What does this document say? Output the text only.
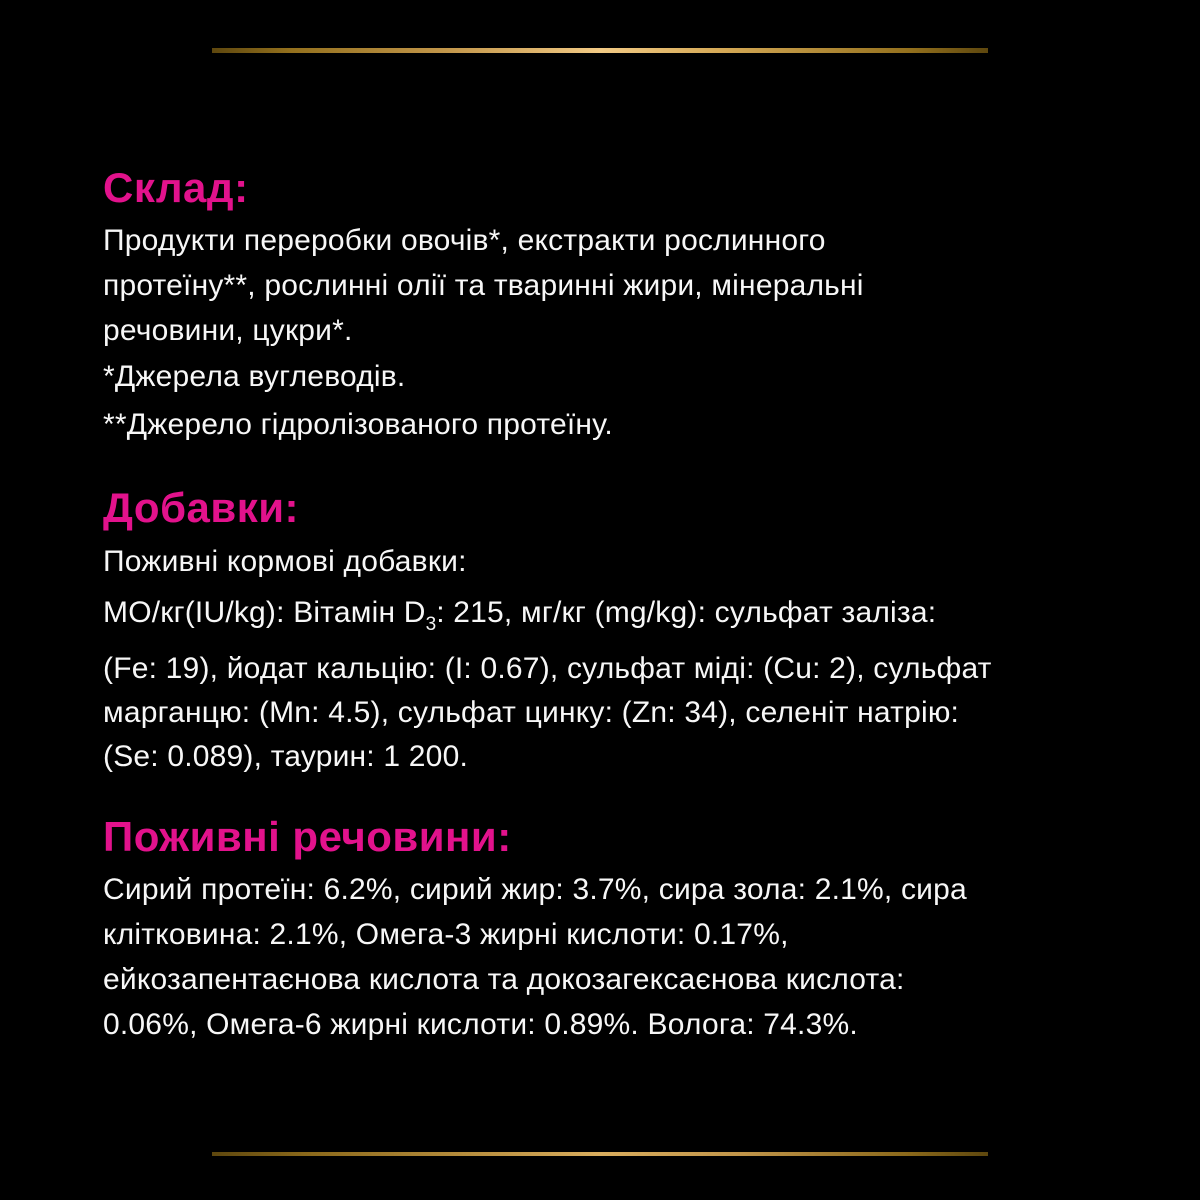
Склад:
Продукти переробки овочів*, екстракти рослинного
протеїну**, рослинні олії та тваринні жири, мінеральні
речовини, цукри*.
*Джерела вуглеводів.
**Джерело гідролізованого протеїну.
Добавки:
Поживні кормові добавки:
МО/кг(IU/kg): Вітамін $D_3$: 215, мг/кг (mg/kg): сульфат заліза:
(Fe: 19), йодат кальцію: (I: 0.67), сульфат міді: (Cu: 2), сульфат
марганцю: (Mn: 4.5), сульфат цинку: (Zn: 34), селеніт натрію:
(Se: 0.089), таурин: 1 200.
Поживні речовини:
Сирий протеїн: 6.2%, сирий жир: 3.7%, сира зола: 2.1%, сира
клітковина: 2.1%, Омега-3 жирні кислоти: 0.17%,
ейкозапентаєнова кислота та докозагексаєнова кислота:
0.06%, Омега-6 жирні кислоти: 0.89%. Волога: 74.3%.
